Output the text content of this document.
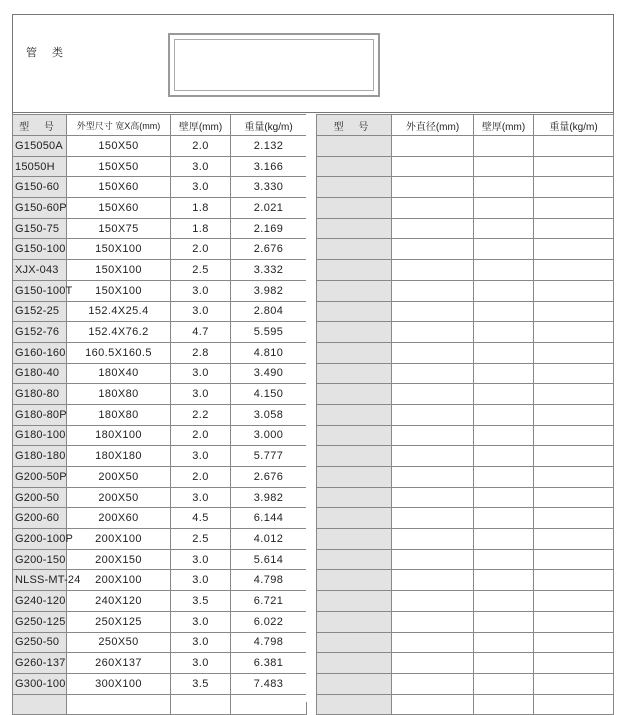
管 类
型 号	外型尺寸 宽X高(mm)	壁厚(mm)	重量(kg/m)
G15050A	150X50	2.0	2.132
15050H	150X50	3.0	3.166
G150-60	150X60	3.0	3.330
G150-60P	150X60	1.8	2.021
G150-75	150X75	1.8	2.169
G150-100	150X100	2.0	2.676
XJX-043	150X100	2.5	3.332
G150-100T	150X100	3.0	3.982
G152-25	152.4X25.4	3.0	2.804
G152-76	152.4X76.2	4.7	5.595
G160-160	160.5X160.5	2.8	4.810
G180-40	180X40	3.0	3.490
G180-80	180X80	3.0	4.150
G180-80P	180X80	2.2	3.058
G180-100	180X100	2.0	3.000
G180-180	180X180	3.0	5.777
G200-50P	200X50	2.0	2.676
G200-50	200X50	3.0	3.982
G200-60	200X60	4.5	6.144
G200-100P	200X100	2.5	4.012
G200-150	200X150	3.0	5.614
NLSS-MT-24	200X100	3.0	4.798
G240-120	240X120	3.5	6.721
G250-125	250X125	3.0	6.022
G250-50	250X50	3.0	4.798
G260-137	260X137	3.0	6.381
G300-100	300X100	3.5	7.483

型 号	外直径(mm)	壁厚(mm)	重量(kg/m)
